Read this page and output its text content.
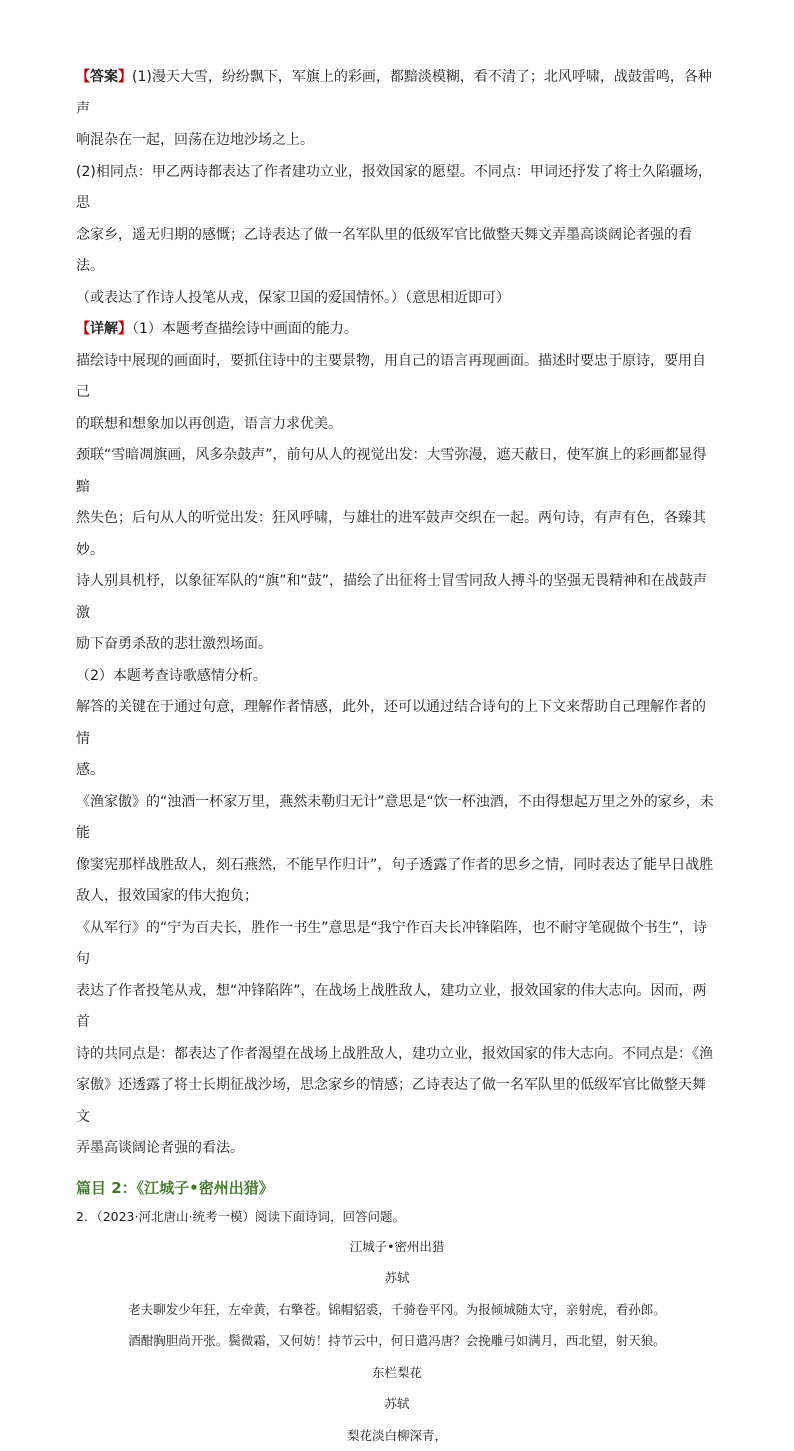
【答案】(1)漫天大雪，纷纷飘下，军旗上的彩画，都黯淡模糊，看不清了；北风呼啸，战鼓雷鸣，各种声

响混杂在一起，回荡在边地沙场之上。

(2)相同点：甲乙两诗都表达了作者建功立业，报效国家的愿望。不同点：甲词还抒发了将士久陷疆场，思

念家乡，遥无归期的感慨；乙诗表达了做一名军队里的低级军官比做整天舞文弄墨高谈阔论者强的看法。

（或表达了作诗人投笔从戎，保家卫国的爱国情怀。）（意思相近即可）

【详解】（1）本题考查描绘诗中画面的能力。

描绘诗中展现的画面时，要抓住诗中的主要景物，用自己的语言再现画面。描述时要忠于原诗，要用自己

的联想和想象加以再创造，语言力求优美。

颈联“雪暗凋旗画，风多杂鼓声”，前句从人的视觉出发：大雪弥漫，遮天蔽日，使军旗上的彩画都显得黯

然失色；后句从人的听觉出发：狂风呼啸，与雄壮的进军鼓声交织在一起。两句诗，有声有色，各臻其妙。

诗人别具机杼，以象征军队的“旗”和“鼓”，描绘了出征将士冒雪同敌人搏斗的坚强无畏精神和在战鼓声激

励下奋勇杀敌的悲壮激烈场面。

（2）本题考查诗歌感情分析。

解答的关键在于通过句意，理解作者情感，此外，还可以通过结合诗句的上下文来帮助自己理解作者的情

感。

《渔家傲》的“浊酒一杯家万里，燕然未勒归无计”意思是“饮一杯浊酒，不由得想起万里之外的家乡，未能

像窦宪那样战胜敌人，刻石燕然，不能早作归计”，句子透露了作者的思乡之情，同时表达了能早日战胜

敌人，报效国家的伟大抱负；

《从军行》的“宁为百夫长，胜作一书生”意思是“我宁作百夫长冲锋陷阵，也不耐守笔砚做个书生”，诗句

表达了作者投笔从戎，想“冲锋陷阵”，在战场上战胜敌人，建功立业，报效国家的伟大志向。因而，两首

诗的共同点是：都表达了作者渴望在战场上战胜敌人，建功立业，报效国家的伟大志向。不同点是：《渔

家傲》还透露了将士长期征战沙场，思念家乡的情感；乙诗表达了做一名军队里的低级军官比做整天舞文

弄墨高谈阔论者强的看法。

篇目 2：《江城子•密州出猎》

2．（2023·河北唐山·统考一模）阅读下面诗词，回答问题。

江城子•密州出猎

苏轼

老夫聊发少年狂，左牵黄，右擎苍。锦帽貂裘，千骑卷平冈。为报倾城随太守，亲射虎，看孙郎。

酒酣胸胆尚开张。鬓微霜，又何妨！持节云中，何日遣冯唐？会挽雕弓如满月，西北望，射天狼。

东栏梨花

苏轼

梨花淡白柳深青，
